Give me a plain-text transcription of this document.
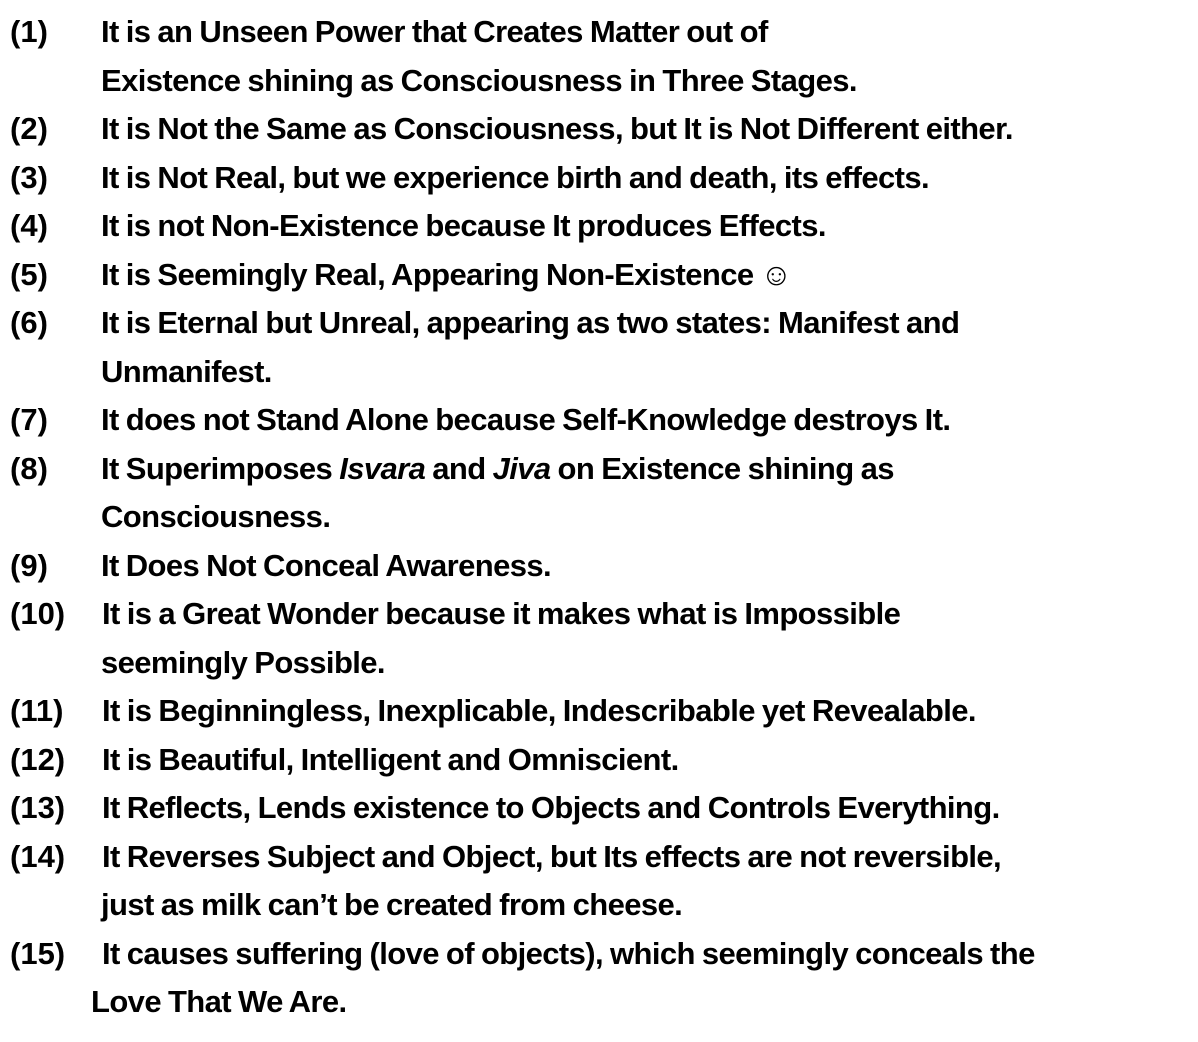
(1)	It is an Unseen Power that Creates Matter out of
Existence shining as Consciousness in Three Stages.
(2)	It is Not the Same as Consciousness, but It is Not Different either.
(3)	It is Not Real, but we experience birth and death, its effects.
(4)	It is not Non-Existence because It produces Effects.
(5)	It is Seemingly Real, Appearing Non-Existence ☺
(6)	It is Eternal but Unreal, appearing as two states: Manifest and
Unmanifest.
(7)	It does not Stand Alone because Self-Knowledge destroys It.
(8)	It Superimposes Isvara and Jiva on Existence shining as
Consciousness.
(9)	It Does Not Conceal Awareness.
(10)	It is a Great Wonder because it makes what is Impossible
seemingly Possible.
(11)	It is Beginningless, Inexplicable, Indescribable yet Revealable.
(12)	It is Beautiful, Intelligent and Omniscient.
(13)	It Reflects, Lends existence to Objects and Controls Everything.
(14)	It Reverses Subject and Object, but Its effects are not reversible,
just as milk can’t be created from cheese.
(15)	It causes suffering (love of objects), which seemingly conceals the
Love That We Are.
